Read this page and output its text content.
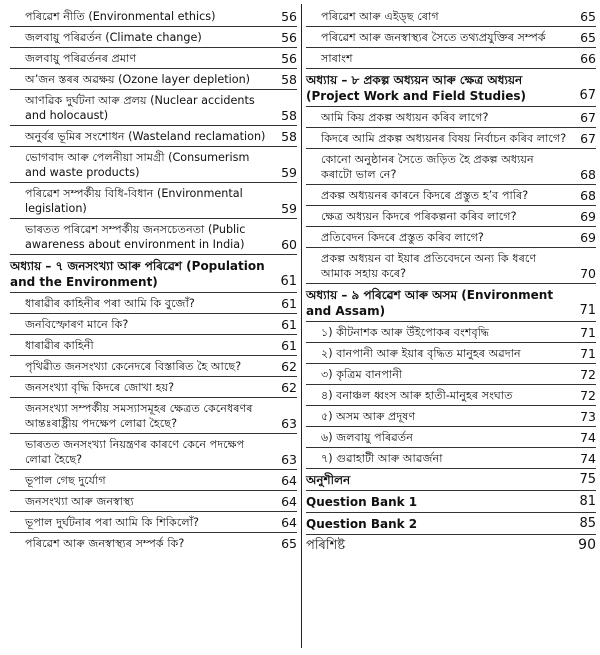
পৰিৱেশ নীতি (Environmental ethics)	56
জলবায়ু পৰিৱৰ্তন (Climate change)	56
জলবায়ু পৰিৱৰ্তনৰ প্ৰমাণ	56
অ’জন স্তৰৰ অৱক্ষয় (Ozone layer depletion)	58
আণৱিক দুৰ্ঘটনা আৰু প্ৰলয় (Nuclear accidents and holocaust)	58
অনুৰ্বৰ ভূমিৰ সংশোধন (Wasteland reclamation)	58
ভোগবাদ আৰু পেলনীয়া সামগ্ৰী (Consumerism and waste products)	59
পৰিৱেশ সম্পৰ্কীয় বিধি-বিধান (Environmental legislation)	59
ভাৰতত পৰিৱেশ সম্পৰ্কীয় জনসচেতনতা (Public awareness about environment in India)	60
অধ্যায় – ৭ জনসংখ্যা আৰু পৰিৱেশ (Population and the Environment)	61
ধাৰাৱীৰ কাহিনীৰ পৰা আমি কি বুজোঁ?	61
জনবিস্ফোৰণ মানে কি?	61
ধাৰাৱীৰ কাহিনী	61
পৃথিৱীত জনসংখ্যা কেনেদৰে বিস্তাৰিত হৈ আছে?	62
জনসংখ্যা বৃদ্ধি কিদৰে জোখা হয়?	62
জনসংখ্যা সম্পৰ্কীয় সমস্যাসমূহৰ ক্ষেত্ৰত কেনেধৰণৰ আন্তঃৰাষ্ট্ৰীয় পদক্ষেপ লোৱা হৈছে?	63
ভাৰতত জনসংখ্যা নিয়ন্ত্ৰণৰ কাৰণে কেনে পদক্ষেপ লোৱা হৈছে?	63
ভূপাল গেছ দুৰ্যোগ	64
জনসংখ্যা আৰু জনস্বাস্থ্য	64
ভূপাল দুৰ্ঘটনাৰ পৰা আমি কি শিকিলোঁ?	64
পৰিৱেশ আৰু জনস্বাস্থ্যৰ সম্পৰ্ক কি?	65
পৰিৱেশ আৰু এইড্‌ছ ৰোগ	65
পৰিৱেশ আৰু জনস্বাস্থ্যৰ সৈতে তথ্যপ্ৰযুক্তিৰ সম্পৰ্ক	65
সাৰাংশ	66
অধ্যায় – ৮ প্ৰকল্প অধ্যয়ন আৰু ক্ষেত্ৰ অধ্যয়ন (Project Work and Field Studies)	67
আমি কিয় প্ৰকল্প অধ্যয়ন কৰিব লাগে?	67
কিদৰে আমি প্ৰকল্প অধ্যয়নৰ বিষয় নিৰ্বাচন কৰিব লাগে?	67
কোনো অনুষ্ঠানৰ সৈতে জড়িত হৈ প্ৰকল্প অধ্যয়ন কৰাটো ভাল নে?	68
প্ৰকল্প অধ্যয়নৰ কাৰনে কিদৰে প্ৰস্তুত হ’ব পাৰি?	68
ক্ষেত্ৰ অধ্যয়ন কিদৰে পৰিকল্পনা কৰিব লাগে?	69
প্ৰতিবেদন কিদৰে প্ৰস্তুত কৰিব লাগে?	69
প্ৰকল্প অধ্যয়ন বা ইয়াৰ প্ৰতিবেদনে অন্য কি ধৰণে আমাক সহায় কৰে?	70
অধ্যায় – ৯ পৰিৱেশ আৰু অসম (Environment and Assam)	71
১) কীটনাশক আৰু উঁইপোকৰ বংশবৃদ্ধি	71
২) বানপানী আৰু ইয়াৰ বৃদ্ধিত মানুহৰ অৱদান	71
৩) কৃত্ৰিম বানপানী	72
৪) বনাঞ্চল ধ্বংস আৰু হাতী-মানুহৰ সংঘাত	72
৫) অসম আৰু প্ৰদূষণ	73
৬) জলবায়ু পৰিৱৰ্তন	74
৭) গুৱাহাটী আৰু আৱৰ্জনা	74
অনুশীলন	75
Question Bank 1	81
Question Bank 2	85
পৰিশিষ্ট	90
